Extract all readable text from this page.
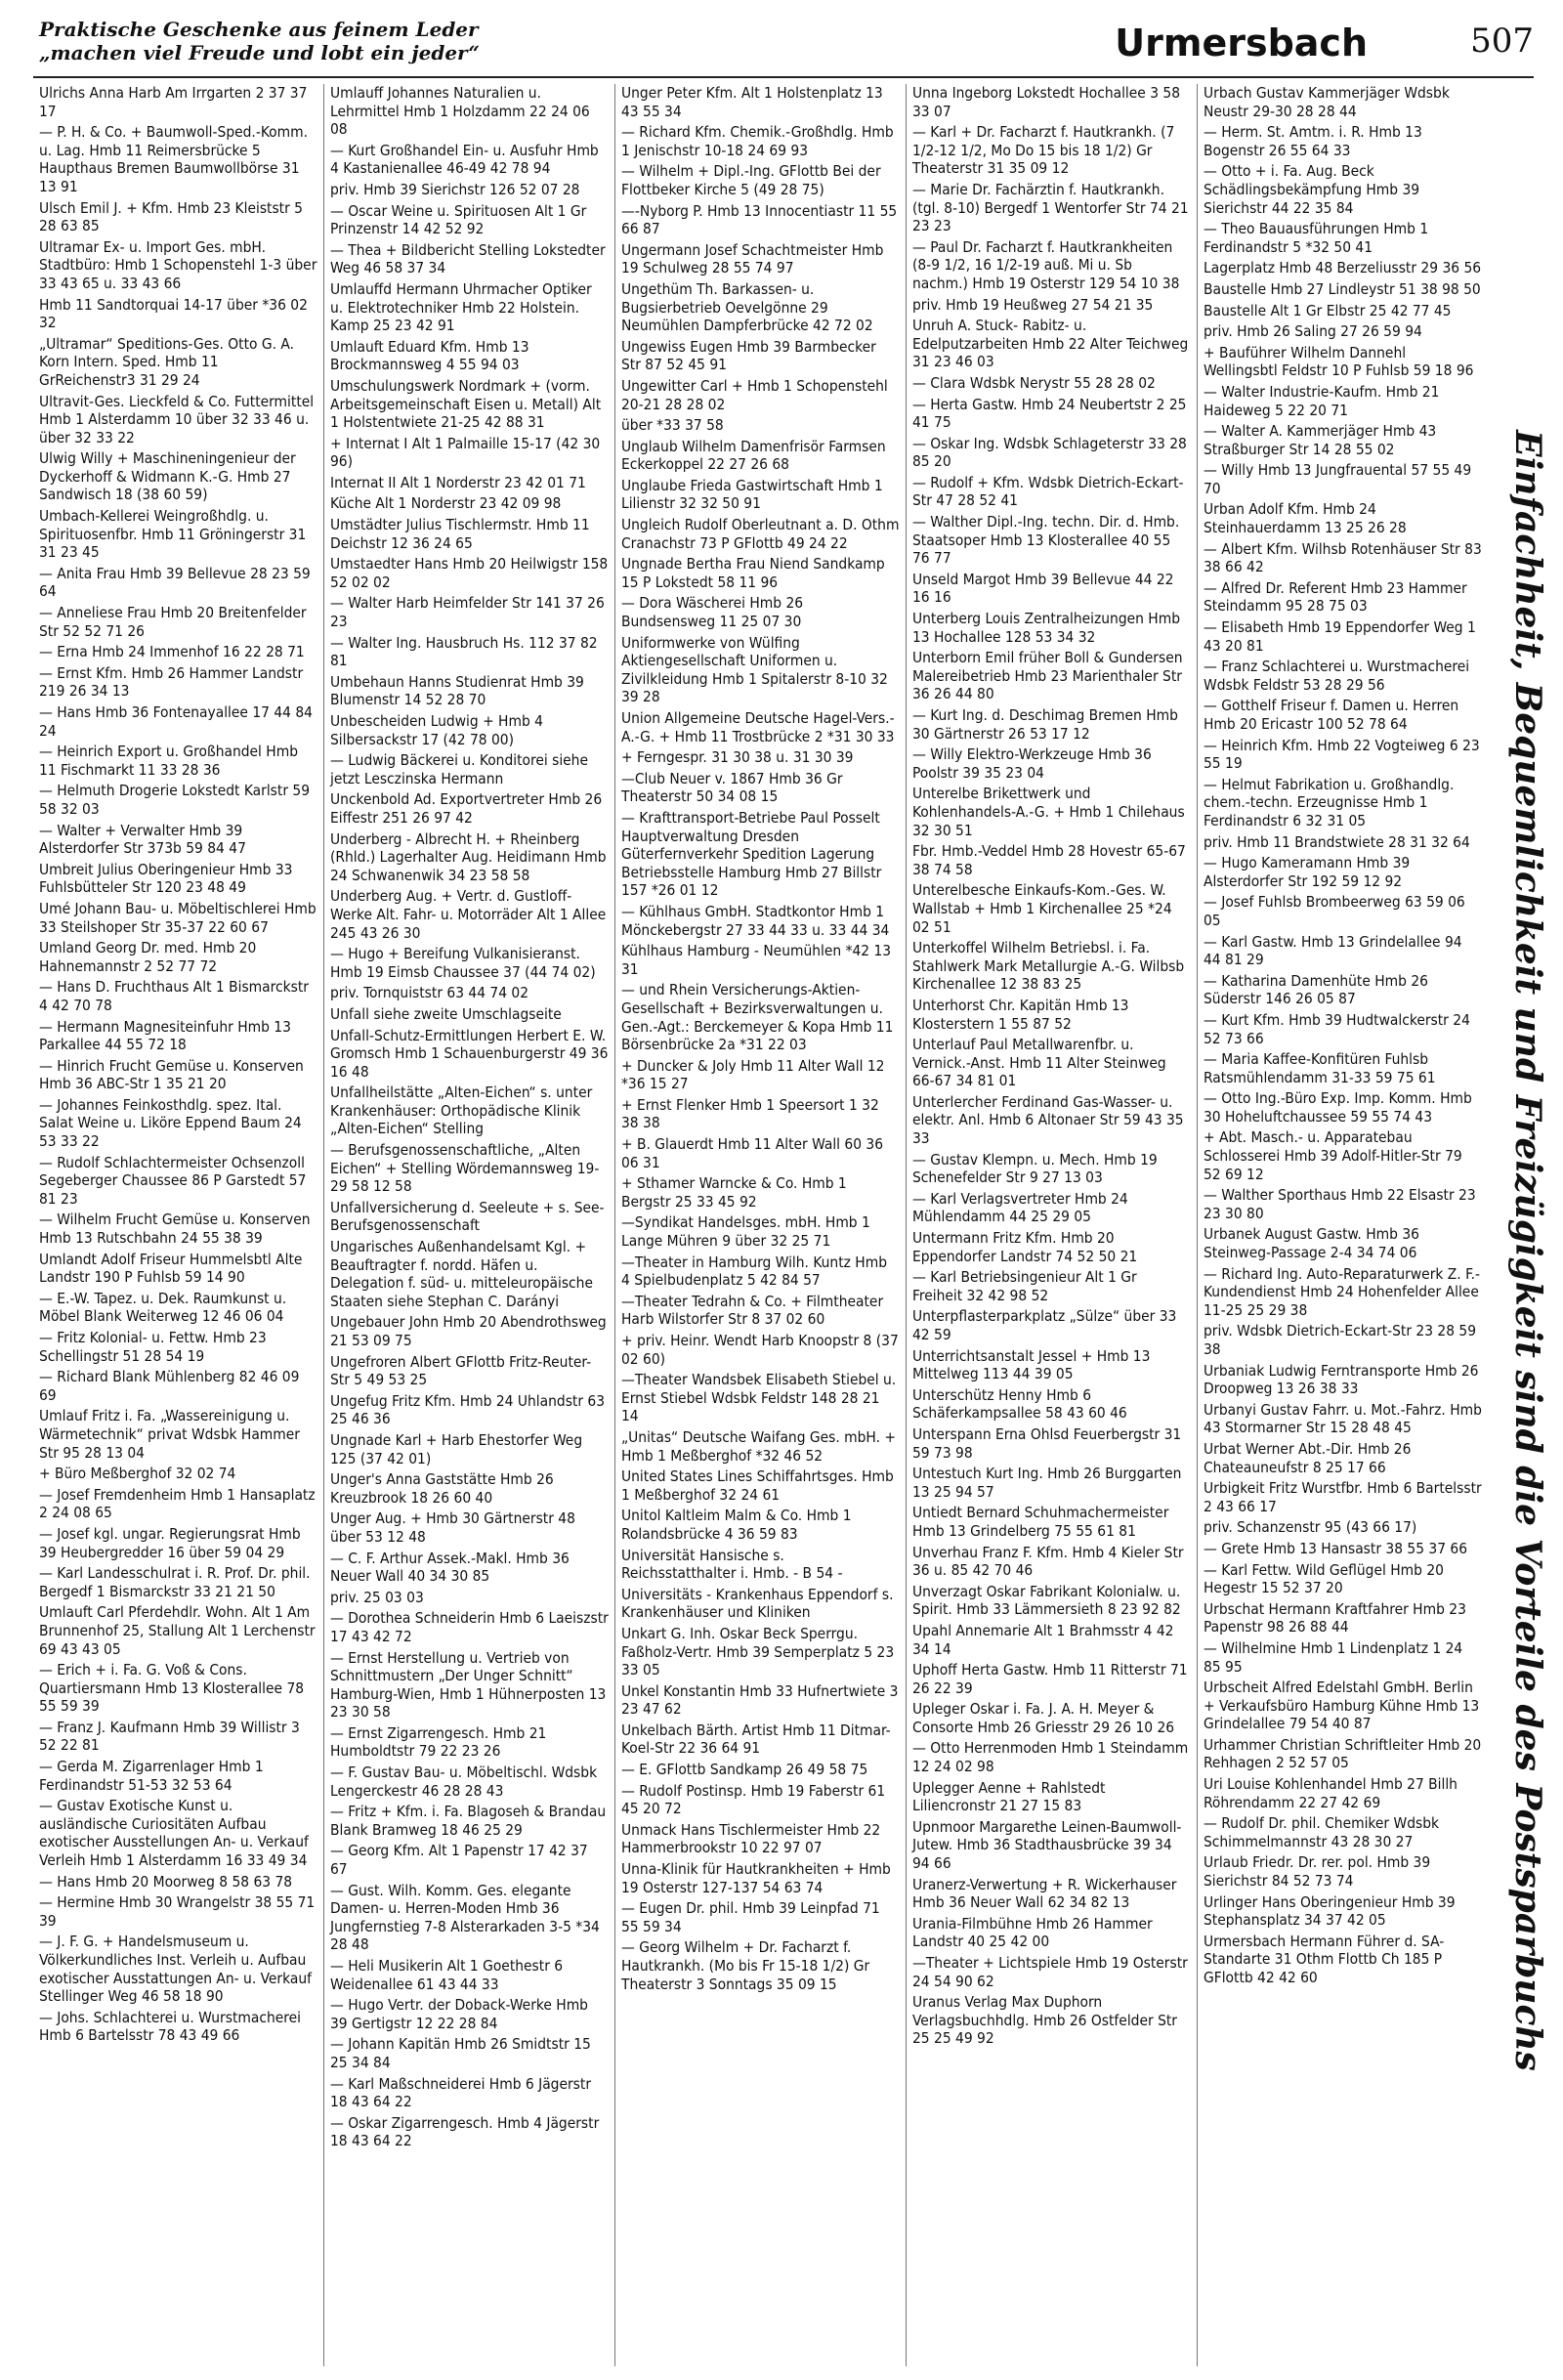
Praktische Geschenke aus feinem Leder
„machen viel Freude und lobt ein jeder“	Urmersbach	507
Ulrichs Anna Harb Am Irrgarten 2 37 37 17
— P. H. & Co. + Baumwoll-Sped.-Komm. u. Lag. Hmb 11 Reimersbrücke 5 Haupthaus Bremen Baumwollbörse 31 13 91
Ulsch Emil J. + Kfm. Hmb 23 Kleiststr 5 28 63 85
Ultramar Ex- u. Import Ges. mbH. Stadtbüro: Hmb 1 Schopenstehl 1-3 über 33 43 65 u. 33 43 66
Hmb 11 Sandtorquai 14-17 über *36 02 32
„Ultramar“ Speditions-Ges. Otto G. A. Korn Intern. Sped. Hmb 11 GrReichenstr3 31 29 24
Ultravit-Ges. Lieckfeld & Co. Futtermittel Hmb 1 Alsterdamm 10 über 32 33 46 u. über 32 33 22
Ulwig Willy + Maschineningenieur der Dyckerhoff & Widmann K.-G. Hmb 27 Sandwisch 18 (38 60 59)
Umbach-Kellerei Weingroßhdlg. u. Spirituosenfbr. Hmb 11 Gröningerstr 31 31 23 45
— Anita Frau Hmb 39 Bellevue 28 23 59 64
— Anneliese Frau Hmb 20 Breitenfelder Str 52 52 71 26
— Erna Hmb 24 Immenhof 16 22 28 71
— Ernst Kfm. Hmb 26 Hammer Landstr 219 26 34 13
— Hans Hmb 36 Fontenayallee 17 44 84 24
— Heinrich Export u. Großhandel Hmb 11 Fischmarkt 11 33 28 36
— Helmuth Drogerie Lokstedt Karlstr 59 58 32 03
— Walter + Verwalter Hmb 39 Alsterdorfer Str 373b 59 84 47
Umbreit Julius Oberingenieur Hmb 33 Fuhlsbütteler Str 120 23 48 49
Umé Johann Bau- u. Möbeltischlerei Hmb 33 Steilshoper Str 35-37 22 60 67
Umland Georg Dr. med. Hmb 20 Hahnemannstr 2 52 77 72
— Hans D. Fruchthaus Alt 1 Bismarckstr 4 42 70 78
— Hermann Magnesiteinfuhr Hmb 13 Parkallee 44 55 72 18
— Hinrich Frucht Gemüse u. Konserven Hmb 36 ABC-Str 1 35 21 20
— Johannes Feinkosthdlg. spez. Ital. Salat Weine u. Liköre Eppend Baum 24 53 33 22
— Rudolf Schlachtermeister Ochsenzoll Segeberger Chaussee 86 P Garstedt 57 81 23
— Wilhelm Frucht Gemüse u. Konserven Hmb 13 Rutschbahn 24 55 38 39
Umlandt Adolf Friseur Hummelsbtl Alte Landstr 190 P Fuhlsb 59 14 90
— E.-W. Tapez. u. Dek. Raumkunst u. Möbel Blank Weiterweg 12 46 06 04
— Fritz Kolonial- u. Fettw. Hmb 23 Schellingstr 51 28 54 19
— Richard Blank Mühlenberg 82 46 09 69
Umlauf Fritz i. Fa. „Wassereinigung u. Wärmetechnik“ privat Wdsbk Hammer Str 95 28 13 04
+ Büro Meßberghof 32 02 74
— Josef Fremdenheim Hmb 1 Hansaplatz 2 24 08 65
— Josef kgl. ungar. Regierungsrat Hmb 39 Heubergredder 16 über 59 04 29
— Karl Landesschulrat i. R. Prof. Dr. phil. Bergedf 1 Bismarckstr 33 21 21 50
Umlauft Carl Pferdehdlr. Wohn. Alt 1 Am Brunnenhof 25, Stallung Alt 1 Lerchenstr 69 43 43 05
— Erich + i. Fa. G. Voß & Cons. Quartiersmann Hmb 13 Klosterallee 78 55 59 39
— Franz J. Kaufmann Hmb 39 Willistr 3 52 22 81
— Gerda M. Zigarrenlager Hmb 1 Ferdinandstr 51-53 32 53 64
— Gustav Exotische Kunst u. ausländische Curiositäten Aufbau exotischer Ausstellungen An- u. Verkauf Verleih Hmb 1 Alsterdamm 16 33 49 34
— Hans Hmb 20 Moorweg 8 58 63 78
— Hermine Hmb 30 Wrangelstr 38 55 71 39
— J. F. G. + Handelsmuseum u. Völkerkundliches Inst. Verleih u. Aufbau exotischer Ausstattungen An- u. Verkauf Stellinger Weg 46 58 18 90
— Johs. Schlachterei u. Wurstmacherei Hmb 6 Bartelsstr 78 43 49 66
Umlauff Johannes Naturalien u. Lehrmittel Hmb 1 Holzdamm 22 24 06 08
— Kurt Großhandel Ein- u. Ausfuhr Hmb 4 Kastanienallee 46-49 42 78 94
priv. Hmb 39 Sierichstr 126 52 07 28
— Oscar Weine u. Spirituosen Alt 1 Gr Prinzenstr 14 42 52 92
— Thea + Bildbericht Stelling Lokstedter Weg 46 58 37 34
Umlauffd Hermann Uhrmacher Optiker u. Elektrotechniker Hmb 22 Holstein. Kamp 25 23 42 91
Umlauft Eduard Kfm. Hmb 13 Brockmannsweg 4 55 94 03
Umschulungswerk Nordmark + (vorm. Arbeitsgemeinschaft Eisen u. Metall) Alt 1 Holstentwiete 21-25 42 88 31
+ Internat I Alt 1 Palmaille 15-17 (42 30 96)
Internat II Alt 1 Norderstr 23 42 01 71
Küche Alt 1 Norderstr 23 42 09 98
Umstädter Julius Tischlermstr. Hmb 11 Deichstr 12 36 24 65
Umstaedter Hans Hmb 20 Heilwigstr 158 52 02 02
— Walter Harb Heimfelder Str 141 37 26 23
— Walter Ing. Hausbruch Hs. 112 37 82 81
Umbehaun Hanns Studienrat Hmb 39 Blumenstr 14 52 28 70
Unbescheiden Ludwig + Hmb 4 Silbersackstr 17 (42 78 00)
— Ludwig Bäckerei u. Konditorei siehe jetzt Lesczinska Hermann
Unckenbold Ad. Exportvertreter Hmb 26 Eiffestr 251 26 97 42
Underberg - Albrecht H. + Rheinberg (Rhld.) Lagerhalter Aug. Heidimann Hmb 24 Schwanenwik 34 23 58 58
Underberg Aug. + Vertr. d. Gustloff-Werke Alt. Fahr- u. Motorräder Alt 1 Allee 245 43 26 30
— Hugo + Bereifung Vulkanisieranst. Hmb 19 Eimsb Chaussee 37 (44 74 02)
priv. Tornquiststr 63 44 74 02
Unfall siehe zweite Umschlagseite
Unfall-Schutz-Ermittlungen Herbert E. W. Gromsch Hmb 1 Schauenburgerstr 49 36 16 48
Unfallheilstätte „Alten-Eichen“ s. unter Krankenhäuser: Orthopädische Klinik „Alten-Eichen“ Stelling
— Berufsgenossenschaftliche, „Alten Eichen“ + Stelling Wördemannsweg 19-29 58 12 58
Unfallversicherung d. Seeleute + s. See-Berufsgenossenschaft
Ungarisches Außenhandelsamt Kgl. + Beauftragter f. nordd. Häfen u. Delegation f. süd- u. mitteleuropäische Staaten siehe Stephan C. Darányi
Ungebauer John Hmb 20 Abendrothsweg 21 53 09 75
Ungefroren Albert GFlottb Fritz-Reuter-Str 5 49 53 25
Ungefug Fritz Kfm. Hmb 24 Uhlandstr 63 25 46 36
Ungnade Karl + Harb Ehestorfer Weg 125 (37 42 01)
Unger's Anna Gaststätte Hmb 26 Kreuzbrook 18 26 60 40
Unger Aug. + Hmb 30 Gärtnerstr 48 über 53 12 48
— C. F. Arthur Assek.-Makl. Hmb 36 Neuer Wall 40 34 30 85
priv. 25 03 03
— Dorothea Schneiderin Hmb 6 Laeiszstr 17 43 42 72
— Ernst Herstellung u. Vertrieb von Schnittmustern „Der Unger Schnitt“ Hamburg-Wien, Hmb 1 Hühnerposten 13 23 30 58
— Ernst Zigarrengesch. Hmb 21 Humboldtstr 79 22 23 26
— F. Gustav Bau- u. Möbeltischl. Wdsbk Lengerckestr 46 28 28 43
— Fritz + Kfm. i. Fa. Blagoseh & Brandau Blank Bramweg 18 46 25 29
— Georg Kfm. Alt 1 Papenstr 17 42 37 67
— Gust. Wilh. Komm. Ges. elegante Damen- u. Herren-Moden Hmb 36 Jungfernstieg 7-8 Alsterarkaden 3-5 *34 28 48
— Heli Musikerin Alt 1 Goethestr 6 Weidenallee 61 43 44 33
— Hugo Vertr. der Doback-Werke Hmb 39 Gertigstr 12 22 28 84
— Johann Kapitän Hmb 26 Smidtstr 15 25 34 84
— Karl Maßschneiderei Hmb 6 Jägerstr 18 43 64 22
— Oskar Zigarrengesch. Hmb 4 Jägerstr 18 43 64 22
Unger Peter Kfm. Alt 1 Holstenplatz 13 43 55 34
— Richard Kfm. Chemik.-Großhdlg. Hmb 1 Jenischstr 10-18 24 69 93
— Wilhelm + Dipl.-Ing. GFlottb Bei der Flottbeker Kirche 5 (49 28 75)
—-Nyborg P. Hmb 13 Innocentiastr 11 55 66 87
Ungermann Josef Schachtmeister Hmb 19 Schulweg 28 55 74 97
Ungethüm Th. Barkassen- u. Bugsierbetrieb Oevelgönne 29 Neumühlen Dampferbrücke 42 72 02
Ungewiss Eugen Hmb 39 Barmbecker Str 87 52 45 91
Ungewitter Carl + Hmb 1 Schopenstehl 20-21 28 28 02
über *33 37 58
Unglaub Wilhelm Damenfrisör Farmsen Eckerkoppel 22 27 26 68
Unglaube Frieda Gastwirtschaft Hmb 1 Lilienstr 32 32 50 91
Ungleich Rudolf Oberleutnant a. D. Othm Cranachstr 73 P GFlottb 49 24 22
Ungnade Bertha Frau Niend Sandkamp 15 P Lokstedt 58 11 96
— Dora Wäscherei Hmb 26 Bundsensweg 11 25 07 30
Uniformwerke von Wülfing Aktiengesellschaft Uniformen u. Zivilkleidung Hmb 1 Spitalerstr 8-10 32 39 28
Union Allgemeine Deutsche Hagel-Vers.-A.-G. + Hmb 11 Trostbrücke 2 *31 30 33
+ Ferngespr. 31 30 38 u. 31 30 39
—Club Neuer v. 1867 Hmb 36 Gr Theaterstr 50 34 08 15
— Krafttransport-Betriebe Paul Posselt Hauptverwaltung Dresden Güterfernverkehr Spedition Lagerung Betriebsstelle Hamburg Hmb 27 Billstr 157 *26 01 12
— Kühlhaus GmbH. Stadtkontor Hmb 1 Mönckebergstr 27 33 44 33 u. 33 44 34
Kühlhaus Hamburg - Neumühlen *42 13 31
— und Rhein Versicherungs-Aktien-Gesellschaft + Bezirksverwaltungen u. Gen.-Agt.: Berckemeyer & Kopa Hmb 11 Börsenbrücke 2a *31 22 03
+ Duncker & Joly Hmb 11 Alter Wall 12 *36 15 27
+ Ernst Flenker Hmb 1 Speersort 1 32 38 38
+ B. Glauerdt Hmb 11 Alter Wall 60 36 06 31
+ Sthamer Warncke & Co. Hmb 1 Bergstr 25 33 45 92
—Syndikat Handelsges. mbH. Hmb 1 Lange Mühren 9 über 32 25 71
—Theater in Hamburg Wilh. Kuntz Hmb 4 Spielbudenplatz 5 42 84 57
—Theater Tedrahn & Co. + Filmtheater Harb Wilstorfer Str 8 37 02 60
+ priv. Heinr. Wendt Harb Knoopstr 8 (37 02 60)
—Theater Wandsbek Elisabeth Stiebel u. Ernst Stiebel Wdsbk Feldstr 148 28 21 14
„Unitas“ Deutsche Waifang Ges. mbH. + Hmb 1 Meßberghof *32 46 52
United States Lines Schiffahrtsges. Hmb 1 Meßberghof 32 24 61
Unitol Kaltleim Malm & Co. Hmb 1 Rolandsbrücke 4 36 59 83
Universität Hansische s. Reichsstatthalter i. Hmb. - B 54 -
Universitäts - Krankenhaus Eppendorf s. Krankenhäuser und Kliniken
Unkart G. Inh. Oskar Beck Sperrgu. Faßholz-Vertr. Hmb 39 Semperplatz 5 23 33 05
Unkel Konstantin Hmb 33 Hufnertwiete 3 23 47 62
Unkelbach Bärth. Artist Hmb 11 Ditmar-Koel-Str 22 36 64 91
— E. GFlottb Sandkamp 26 49 58 75
— Rudolf Postinsp. Hmb 19 Faberstr 61 45 20 72
Unmack Hans Tischlermeister Hmb 22 Hammerbrookstr 10 22 97 07
Unna-Klinik für Hautkrankheiten + Hmb 19 Osterstr 127-137 54 63 74
— Eugen Dr. phil. Hmb 39 Leinpfad 71 55 59 34
— Georg Wilhelm + Dr. Facharzt f. Hautkrankh. (Mo bis Fr 15-18 1/2) Gr Theaterstr 3 Sonntags 35 09 15
Unna Ingeborg Lokstedt Hochallee 3 58 33 07
— Karl + Dr. Facharzt f. Hautkrankh. (7 1/2-12 1/2, Mo Do 15 bis 18 1/2) Gr Theaterstr 31 35 09 12
— Marie Dr. Fachärztin f. Hautkrankh. (tgl. 8-10) Bergedf 1 Wentorfer Str 74 21 23 23
— Paul Dr. Facharzt f. Hautkrankheiten (8-9 1/2, 16 1/2-19 auß. Mi u. Sb nachm.) Hmb 19 Osterstr 129 54 10 38
priv. Hmb 19 Heußweg 27 54 21 35
Unruh A. Stuck- Rabitz- u. Edelputzarbeiten Hmb 22 Alter Teichweg 31 23 46 03
— Clara Wdsbk Nerystr 55 28 28 02
— Herta Gastw. Hmb 24 Neubertstr 2 25 41 75
— Oskar Ing. Wdsbk Schlageterstr 33 28 85 20
— Rudolf + Kfm. Wdsbk Dietrich-Eckart-Str 47 28 52 41
— Walther Dipl.-Ing. techn. Dir. d. Hmb. Staatsoper Hmb 13 Klosterallee 40 55 76 77
Unseld Margot Hmb 39 Bellevue 44 22 16 16
Unterberg Louis Zentralheizungen Hmb 13 Hochallee 128 53 34 32
Unterborn Emil früher Boll & Gundersen Malereibetrieb Hmb 23 Marienthaler Str 36 26 44 80
— Kurt Ing. d. Deschimag Bremen Hmb 30 Gärtnerstr 26 53 17 12
— Willy Elektro-Werkzeuge Hmb 36 Poolstr 39 35 23 04
Unterelbe Brikettwerk und Kohlenhandels-A.-G. + Hmb 1 Chilehaus 32 30 51
Fbr. Hmb.-Veddel Hmb 28 Hovestr 65-67 38 74 58
Unterelbesche Einkaufs-Kom.-Ges. W. Wallstab + Hmb 1 Kirchenallee 25 *24 02 51
Unterkoffel Wilhelm Betriebsl. i. Fa. Stahlwerk Mark Metallurgie A.-G. Wilbsb Kirchenallee 12 38 83 25
Unterhorst Chr. Kapitän Hmb 13 Klosterstern 1 55 87 52
Unterlauf Paul Metallwarenfbr. u. Vernick.-Anst. Hmb 11 Alter Steinweg 66-67 34 81 01
Unterlercher Ferdinand Gas-Wasser- u. elektr. Anl. Hmb 6 Altonaer Str 59 43 35 33
— Gustav Klempn. u. Mech. Hmb 19 Schenefelder Str 9 27 13 03
— Karl Verlagsvertreter Hmb 24 Mühlendamm 44 25 29 05
Untermann Fritz Kfm. Hmb 20 Eppendorfer Landstr 74 52 50 21
— Karl Betriebsingenieur Alt 1 Gr Freiheit 32 42 98 52
Unterpflasterparkplatz „Sülze“ über 33 42 59
Unterrichtsanstalt Jessel + Hmb 13 Mittelweg 113 44 39 05
Unterschütz Henny Hmb 6 Schäferkampsallee 58 43 60 46
Unterspann Erna Ohlsd Feuerbergstr 31 59 73 98
Untestuch Kurt Ing. Hmb 26 Burggarten 13 25 94 57
Untiedt Bernard Schuhmachermeister Hmb 13 Grindelberg 75 55 61 81
Unverhau Franz F. Kfm. Hmb 4 Kieler Str 36 u. 85 42 70 46
Unverzagt Oskar Fabrikant Kolonialw. u. Spirit. Hmb 33 Lämmersieth 8 23 92 82
Upahl Annemarie Alt 1 Brahmsstr 4 42 34 14
Uphoff Herta Gastw. Hmb 11 Ritterstr 71 26 22 39
Upleger Oskar i. Fa. J. A. H. Meyer & Consorte Hmb 26 Griesstr 29 26 10 26
— Otto Herrenmoden Hmb 1 Steindamm 12 24 02 98
Uplegger Aenne + Rahlstedt Liliencronstr 21 27 15 83
Upnmoor Margarethe Leinen-Baumwoll- Jutew. Hmb 36 Stadthausbrücke 39 34 94 66
Uranerz-Verwertung + R. Wickerhauser Hmb 36 Neuer Wall 62 34 82 13
Urania-Filmbühne Hmb 26 Hammer Landstr 40 25 42 00
—Theater + Lichtspiele Hmb 19 Osterstr 24 54 90 62
Uranus Verlag Max Duphorn Verlagsbuchhdlg. Hmb 26 Ostfelder Str 25 25 49 92
Urbach Gustav Kammerjäger Wdsbk Neustr 29-30 28 28 44
— Herm. St. Amtm. i. R. Hmb 13 Bogenstr 26 55 64 33
— Otto + i. Fa. Aug. Beck Schädlingsbekämpfung Hmb 39 Sierichstr 44 22 35 84
— Theo Bauausführungen Hmb 1 Ferdinandstr 5 *32 50 41
Lagerplatz Hmb 48 Berzeliusstr 29 36 56
Baustelle Hmb 27 Lindleystr 51 38 98 50
Baustelle Alt 1 Gr Elbstr 25 42 77 45
priv. Hmb 26 Saling 27 26 59 94
+ Bauführer Wilhelm Dannehl Wellingsbtl Feldstr 10 P Fuhlsb 59 18 96
— Walter Industrie-Kaufm. Hmb 21 Haideweg 5 22 20 71
— Walter A. Kammerjäger Hmb 43 Straßburger Str 14 28 55 02
— Willy Hmb 13 Jungfrauental 57 55 49 70
Urban Adolf Kfm. Hmb 24 Steinhauerdamm 13 25 26 28
— Albert Kfm. Wilhsb Rotenhäuser Str 83 38 66 42
— Alfred Dr. Referent Hmb 23 Hammer Steindamm 95 28 75 03
— Elisabeth Hmb 19 Eppendorfer Weg 1 43 20 81
— Franz Schlachterei u. Wurstmacherei Wdsbk Feldstr 53 28 29 56
— Gotthelf Friseur f. Damen u. Herren Hmb 20 Ericastr 100 52 78 64
— Heinrich Kfm. Hmb 22 Vogteiweg 6 23 55 19
— Helmut Fabrikation u. Großhandlg. chem.-techn. Erzeugnisse Hmb 1 Ferdinandstr 6 32 31 05
priv. Hmb 11 Brandstwiete 28 31 32 64
— Hugo Kameramann Hmb 39 Alsterdorfer Str 192 59 12 92
— Josef Fuhlsb Brombeerweg 63 59 06 05
— Karl Gastw. Hmb 13 Grindelallee 94 44 81 29
— Katharina Damenhüte Hmb 26 Süderstr 146 26 05 87
— Kurt Kfm. Hmb 39 Hudtwalckerstr 24 52 73 66
— Maria Kaffee-Konfitüren Fuhlsb Ratsmühlendamm 31-33 59 75 61
— Otto Ing.-Büro Exp. Imp. Komm. Hmb 30 Hoheluftchaussee 59 55 74 43
+ Abt. Masch.- u. Apparatebau Schlosserei Hmb 39 Adolf-Hitler-Str 79 52 69 12
— Walther Sporthaus Hmb 22 Elsastr 23 23 30 80
Urbanek August Gastw. Hmb 36 Steinweg-Passage 2-4 34 74 06
— Richard Ing. Auto-Reparaturwerk Z. F.-Kundendienst Hmb 24 Hohenfelder Allee 11-25 25 29 38
priv. Wdsbk Dietrich-Eckart-Str 23 28 59 38
Urbaniak Ludwig Ferntransporte Hmb 26 Droopweg 13 26 38 33
Urbanyi Gustav Fahrr. u. Mot.-Fahrz. Hmb 43 Stormarner Str 15 28 48 45
Urbat Werner Abt.-Dir. Hmb 26 Chateauneufstr 8 25 17 66
Urbigkeit Fritz Wurstfbr. Hmb 6 Bartelsstr 2 43 66 17
priv. Schanzenstr 95 (43 66 17)
— Grete Hmb 13 Hansastr 38 55 37 66
— Karl Fettw. Wild Geflügel Hmb 20 Hegestr 15 52 37 20
Urbschat Hermann Kraftfahrer Hmb 23 Papenstr 98 26 88 44
— Wilhelmine Hmb 1 Lindenplatz 1 24 85 95
Urbscheit Alfred Edelstahl GmbH. Berlin + Verkaufsbüro Hamburg Kühne Hmb 13 Grindelallee 79 54 40 87
Urhammer Christian Schriftleiter Hmb 20 Rehhagen 2 52 57 05
Uri Louise Kohlenhandel Hmb 27 Billh Röhrendamm 22 27 42 69
— Rudolf Dr. phil. Chemiker Wdsbk Schimmelmannstr 43 28 30 27
Urlaub Friedr. Dr. rer. pol. Hmb 39 Sierichstr 84 52 73 74
Urlinger Hans Oberingenieur Hmb 39 Stephansplatz 34 37 42 05
Urmersbach Hermann Führer d. SA-Standarte 31 Othm Flottb Ch 185 P GFlottb 42 42 60	Einfachheit, Bequemlichkeit und Freizügigkeit sind die Vorteile des Postsparbuchs
